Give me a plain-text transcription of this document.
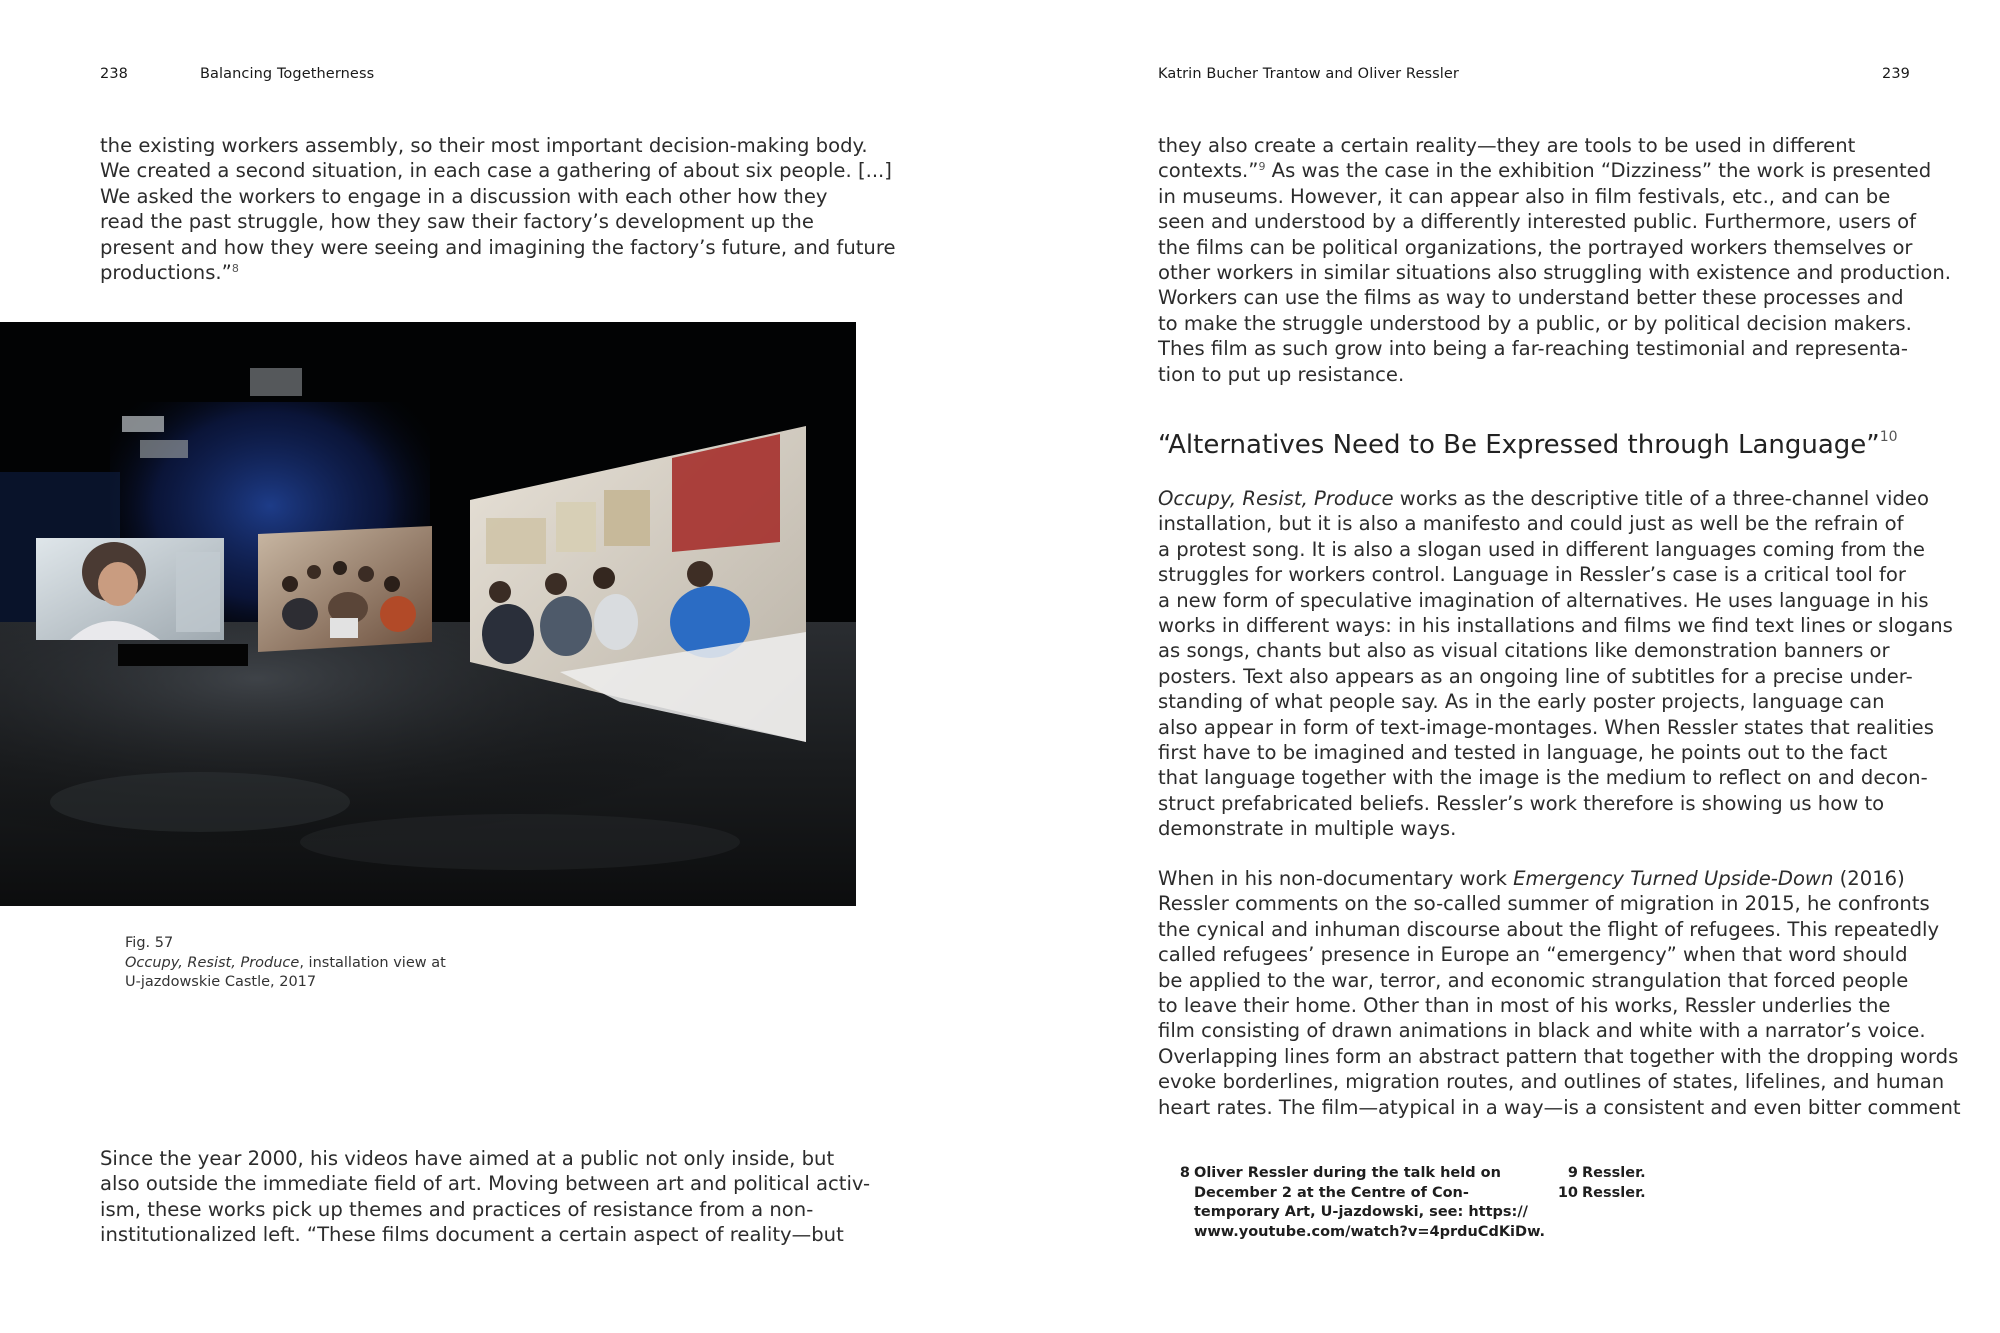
238	Balancing Togetherness
the existing workers assembly, so their most important decision-making body.
We created a second situation, in each case a gathering of about six people. [...]
We asked the workers to engage in a discussion with each other how they
read the past struggle, how they saw their factory’s development up the
present and how they were seeing and imagining the factory’s future, and future
productions.”$^8$
Fig. 57
Occupy, Resist, Produce, installation view at
U-jazdowskie Castle, 2017
Since the year 2000, his videos have aimed at a public not only inside, but
also outside the immediate field of art. Moving between art and political activ-
ism, these works pick up themes and practices of resistance from a non-
institutionalized left. “These films document a certain aspect of reality—but
Katrin Bucher Trantow and Oliver Ressler	239
they also create a certain reality—they are tools to be used in different
contexts.”$^9$ As was the case in the exhibition “Dizziness” the work is presented
in museums. However, it can appear also in film festivals, etc., and can be
seen and understood by a differently interested public. Furthermore, users of
the films can be political organizations, the portrayed workers themselves or
other workers in similar situations also struggling with existence and production.
Workers can use the films as way to understand better these processes and
to make the struggle understood by a public, or by political decision makers.
Thes film as such grow into being a far-reaching testimonial and representa-
tion to put up resistance.
“Alternatives Need to Be Expressed through Language”$^{10}$
Occupy, Resist, Produce works as the descriptive title of a three-channel video
installation, but it is also a manifesto and could just as well be the refrain of
a protest song. It is also a slogan used in different languages coming from the
struggles for workers control. Language in Ressler’s case is a critical tool for
a new form of speculative imagination of alternatives. He uses language in his
works in different ways: in his installations and films we find text lines or slogans
as songs, chants but also as visual citations like demonstration banners or
posters. Text also appears as an ongoing line of subtitles for a precise under-
standing of what people say. As in the early poster projects, language can
also appear in form of text-image-montages. When Ressler states that realities
first have to be imagined and tested in language, he points out to the fact
that language together with the image is the medium to reflect on and decon-
struct prefabricated beliefs. Ressler’s work therefore is showing us how to
demonstrate in multiple ways.
When in his non-documentary work Emergency Turned Upside-Down (2016)
Ressler comments on the so-called summer of migration in 2015, he confronts
the cynical and inhuman discourse about the flight of refugees. This repeatedly
called refugees’ presence in Europe an “emergency” when that word should
be applied to the war, terror, and economic strangulation that forced people
to leave their home. Other than in most of his works, Ressler underlies the
film consisting of drawn animations in black and white with a narrator’s voice.
Overlapping lines form an abstract pattern that together with the dropping words
evoke borderlines, migration routes, and outlines of states, lifelines, and human
heart rates. The film—atypical in a way—is a consistent and even bitter comment
8 Oliver Ressler during the talk held on
December 2 at the Centre of Con-
temporary Art, U-jazdowski, see: https://
www.youtube.com/watch?v=4prduCdKiDw.
9 Ressler.
10 Ressler.
